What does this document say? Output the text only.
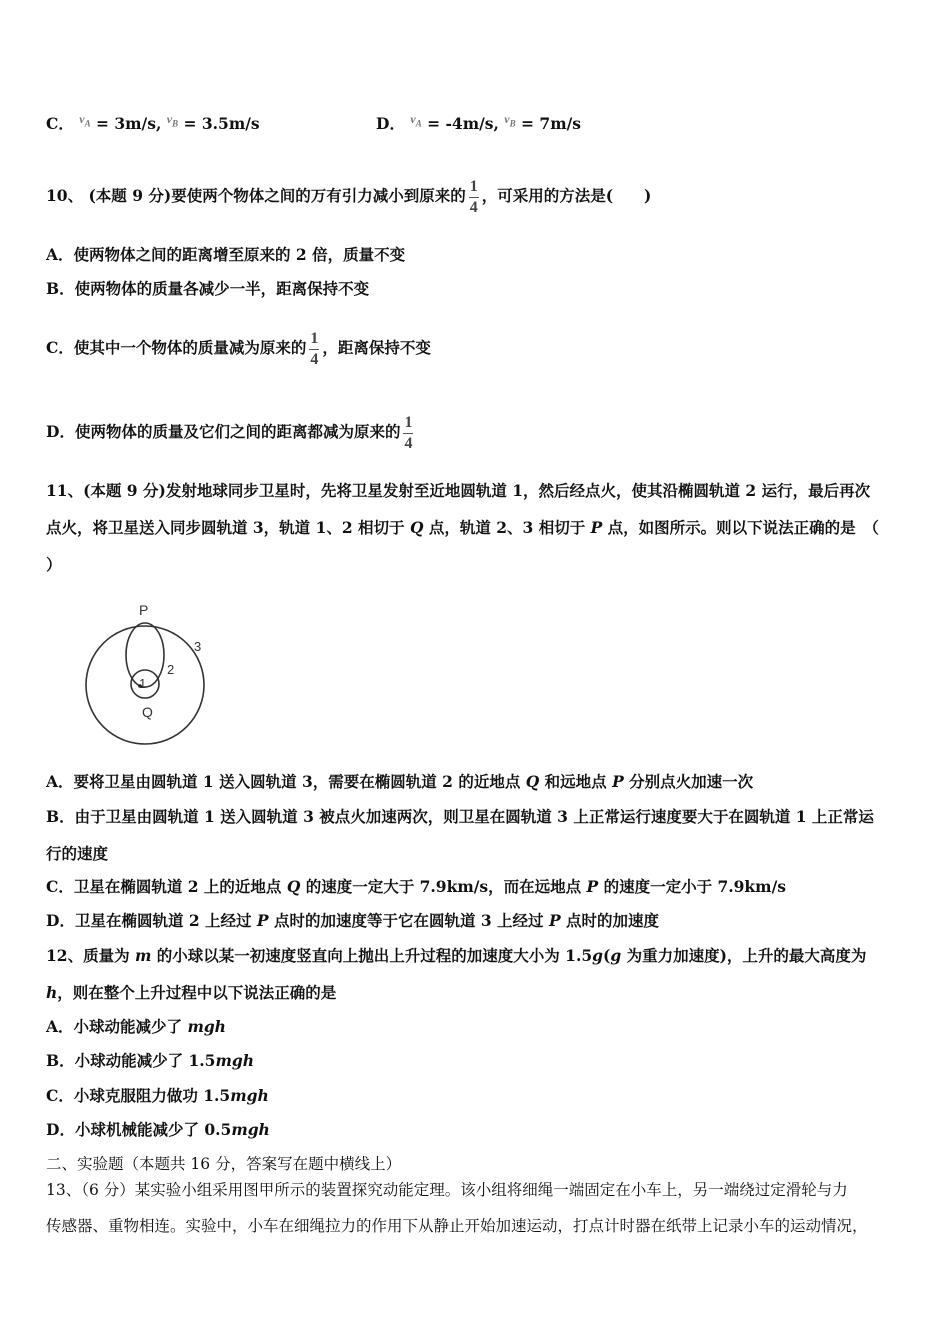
C． $^{v_A}$ = 3m/s, $^{v_B}$ = 3.5m/s	D． $^{v_A}$ = -4m/s, $^{v_B}$ = 7m/s
10、 (本题 9 分)要使两个物体之间的万有引力减小到原来的 $\frac{1}{4}$ ，可采用的方法是(　　)
A．使两物体之间的距离增至原来的 2 倍，质量不变
B．使两物体的质量各减少一半，距离保持不变
C．使其中一个物体的质量减为原来的 $\frac{1}{4}$ ，距离保持不变
D．使两物体的质量及它们之间的距离都减为原来的 $\frac{1}{4}$
11、(本题 9 分)发射地球同步卫星时，先将卫星发射至近地圆轨道 1，然后经点火，使其沿椭圆轨道 2 运行，最后再次
点火，将卫星送入同步圆轨道 3，轨道 1、2 相切于 Q 点，轨道 2、3 相切于 P 点，如图所示。则以下说法正确的是　（
）
P
1
2
3
Q
A．要将卫星由圆轨道 1 送入圆轨道 3，需要在椭圆轨道 2 的近地点 Q 和远地点 P 分别点火加速一次
B．由于卫星由圆轨道 1 送入圆轨道 3 被点火加速两次，则卫星在圆轨道 3 上正常运行速度要大于在圆轨道 1 上正常运
行的速度
C．卫星在椭圆轨道 2 上的近地点 Q 的速度一定大于 7.9km/s，而在远地点 P 的速度一定小于 7.9km/s
D．卫星在椭圆轨道 2 上经过 P 点时的加速度等于它在圆轨道 3 上经过 P 点时的加速度
12、质量为 m 的小球以某一初速度竖直向上抛出上升过程的加速度大小为 1.5g(g 为重力加速度)，上升的最大高度为
h，则在整个上升过程中以下说法正确的是
A．小球动能减少了 mgh
B．小球动能减少了 1.5mgh
C．小球克服阻力做功 1.5mgh
D．小球机械能减少了 0.5mgh
二、实验题（本题共 16 分，答案写在题中横线上）
13、（6 分）某实验小组采用图甲所示的装置探究动能定理。该小组将细绳一端固定在小车上，另一端绕过定滑轮与力
传感器、重物相连。实验中，小车在细绳拉力的作用下从静止开始加速运动，打点计时器在纸带上记录小车的运动情况，
